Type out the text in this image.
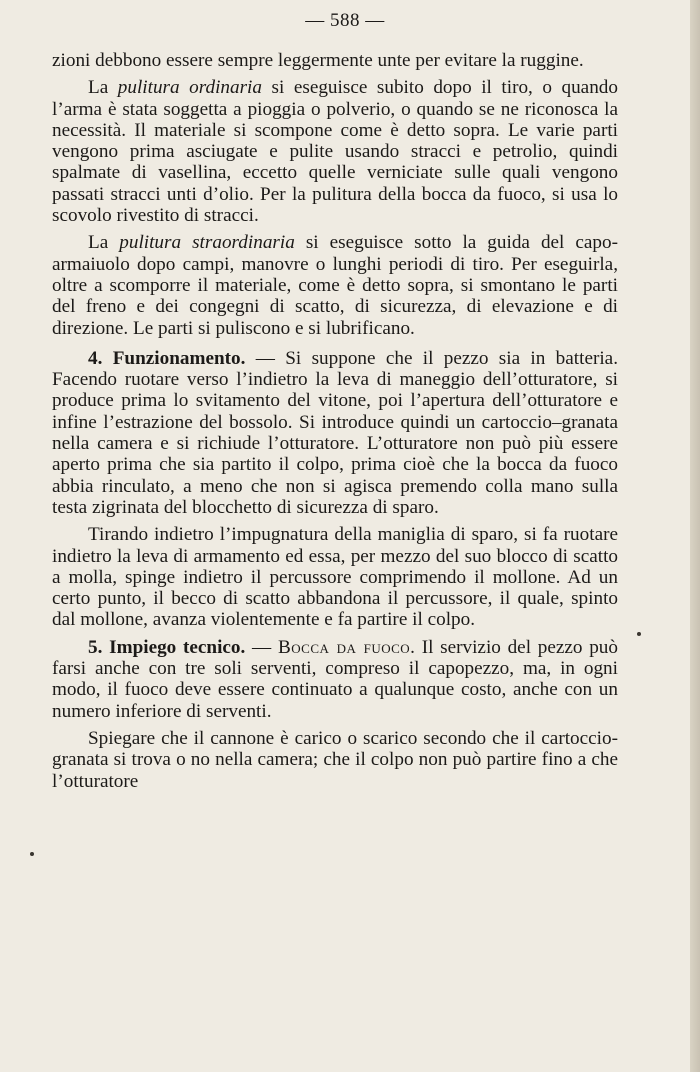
— 588 —

zioni debbono essere sempre leggermente unte per evitare la ruggine.

La pulitura ordinaria si eseguisce subito dopo il tiro, o quando l’arma è stata soggetta a pioggia o polverio, o quando se ne riconosca la necessità. Il materiale si scompone come è detto sopra. Le varie parti vengono prima asciugate e pulite usando stracci e petrolio, quindi spalmate di vasellina, eccetto quelle verniciate sulle quali vengono passati stracci unti d’olio. Per la pulitura della bocca da fuoco, si usa lo scovolo rivestito di stracci.

La pulitura straordinaria si eseguisce sotto la guida del capo-armaiuolo dopo campi, manovre o lunghi periodi di tiro. Per eseguirla, oltre a scomporre il materiale, come è detto sopra, si smontano le parti del freno e dei congegni di scatto, di sicurezza, di elevazione e di direzione. Le parti si puliscono e si lubrificano.

4. Funzionamento. — Si suppone che il pezzo sia in batteria. Facendo ruotare verso l’indietro la leva di maneggio dell’otturatore, si produce prima lo svitamento del vitone, poi l’apertura dell’otturatore e infine l’estrazione del bossolo. Si introduce quindi un cartoccio–granata nella camera e si richiude l’otturatore. L’otturatore non può più essere aperto prima che sia partito il colpo, prima cioè che la bocca da fuoco abbia rinculato, a meno che non si agisca premendo colla mano sulla testa zigrinata del blocchetto di sicurezza di sparo.

Tirando indietro l’impugnatura della maniglia di sparo, si fa ruotare indietro la leva di armamento ed essa, per mezzo del suo blocco di scatto a molla, spinge indietro il percussore comprimendo il mollone. Ad un certo punto, il becco di scatto abbandona il percussore, il quale, spinto dal mollone, avanza violentemente e fa partire il colpo.

5. Impiego tecnico. — Bocca da fuoco. Il servizio del pezzo può farsi anche con tre soli serventi, compreso il capopezzo, ma, in ogni modo, il fuoco deve essere continuato a qualunque costo, anche con un numero inferiore di serventi.

Spiegare che il cannone è carico o scarico secondo che il cartoccio-granata si trova o no nella camera; che il colpo non può partire fino a che l’otturatore
